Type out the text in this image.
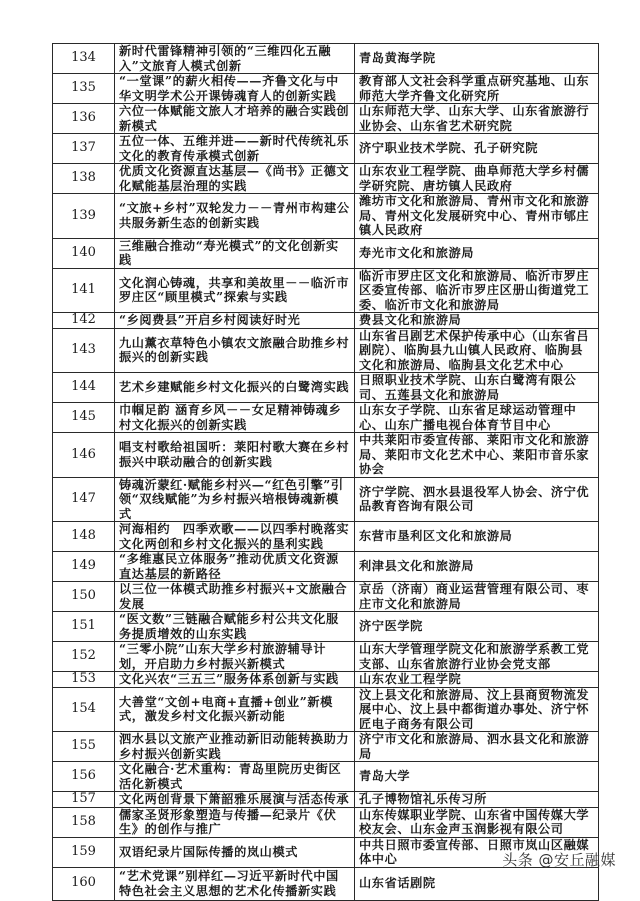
134	新时代雷锋精神引领的“三维四化五融入”文旅育人模式创新	青岛黄海学院
135	“一堂课”的薪火相传——齐鲁文化与中华文明学术公开课铸魂育人的创新实践	教育部人文社会科学重点研究基地、山东师范大学齐鲁文化研究所
136	六位一体赋能文旅人才培养的融合实践创新模式	山东师范大学、山东大学、山东省旅游行业协会、山东省艺术研究院
137	五位一体、五维并进——新时代传统礼乐文化的教育传承模式创新	济宁职业技术学院、孔子研究院
138	优质文化资源直达基层—《尚书》正德文化赋能基层治理的实践	山东农业工程学院、曲阜师范大学乡村儒学研究院、唐坊镇人民政府
139	“文旅+乡村”双轮发力－－青州市构建公共服务新生态的创新实践	潍坊市文化和旅游局、青州市文化和旅游局、青州文化发展研究中心、青州市郇庄镇人民政府
140	三维融合推动“寿光模式”的文化创新实践	寿光市文化和旅游局
141	文化润心铸魂，共享和美故里－－临沂市罗庄区“顾里模式”探索与实践	临沂市罗庄区文化和旅游局、临沂市罗庄区委宣传部、临沂市罗庄区册山街道党工委、临沂市文化和旅游局
142	“乡阅费县”开启乡村阅读好时光	费县文化和旅游局
143	九山薰衣草特色小镇农文旅融合助推乡村振兴的创新实践	山东省吕剧艺术保护传承中心（山东省吕剧院）、临朐县九山镇人民政府、临朐县文化和旅游局、临朐县文化艺术中心
144	艺术乡建赋能乡村文化振兴的白鹭湾实践	日照职业技术学院、山东白鹭湾有限公司、五莲县文化和旅游局
145	巾帼足韵 涵育乡风－－女足精神铸魂乡村文化振兴的创新实践	山东女子学院、山东省足球运动管理中心、山东广播电视台体育节目中心
146	唱支村歌给祖国听：莱阳村歌大赛在乡村振兴中联动融合的创新实践	中共莱阳市委宣传部、莱阳市文化和旅游局、莱阳市文化艺术中心、莱阳市音乐家协会
147	铸魂沂蒙红·赋能乡村兴—“红色引擎”引领“双线赋能”为乡村振兴培根铸魂新模式	济宁学院、泗水县退役军人协会、济宁优品教育咨询有限公司
148	河海相约　四季欢歌——以四季村晚落实文化两创和乡村文化振兴的垦利实践	东营市垦利区文化和旅游局
149	“多维惠民立体服务”推动优质文化资源直达基层的新路径	利津县文化和旅游局
150	以三位一体模式助推乡村振兴+文旅融合发展	京岳（济南）商业运营管理有限公司、枣庄市文化和旅游局
151	“医文数”三链融合赋能乡村公共文化服务提质增效的山东实践	济宁医学院
152	“三零小院”山东大学乡村旅游辅导计划，开启助力乡村振兴新模式	山东大学管理学院文化和旅游学系教工党支部、山东省旅游行业协会党支部
153	文化兴农“三五三”服务体系创新与实践	山东农业工程学院
154	大善堂“文创+电商+直播+创业”新模式，激发乡村文化振兴新动能	汶上县文化和旅游局、汶上县商贸物流发展中心、汶上县中都街道办事处、济宁怀匠电子商务有限公司
155	泗水县以文旅产业推动新旧动能转换助力乡村振兴创新实践	济宁市文化和旅游局、泗水县文化和旅游局
156	文化融合·艺术重构：青岛里院历史街区活化新模式	青岛大学
157	文化两创背景下箫韶雅乐展演与活态传承	孔子博物馆礼乐传习所
158	儒家圣贤形象塑造与传播—纪录片《伏生》的创作与推广	山东传媒职业学院、山东省中国传媒大学校友会、山东金声玉润影视有限公司
159	双语纪录片国际传播的岚山模式	中共日照市委宣传部、日照市岚山区融媒体中心
160	“艺术党课”别样红—习近平新时代中国特色社会主义思想的艺术化传播新实践	山东省话剧院
头条 @安丘融媒
